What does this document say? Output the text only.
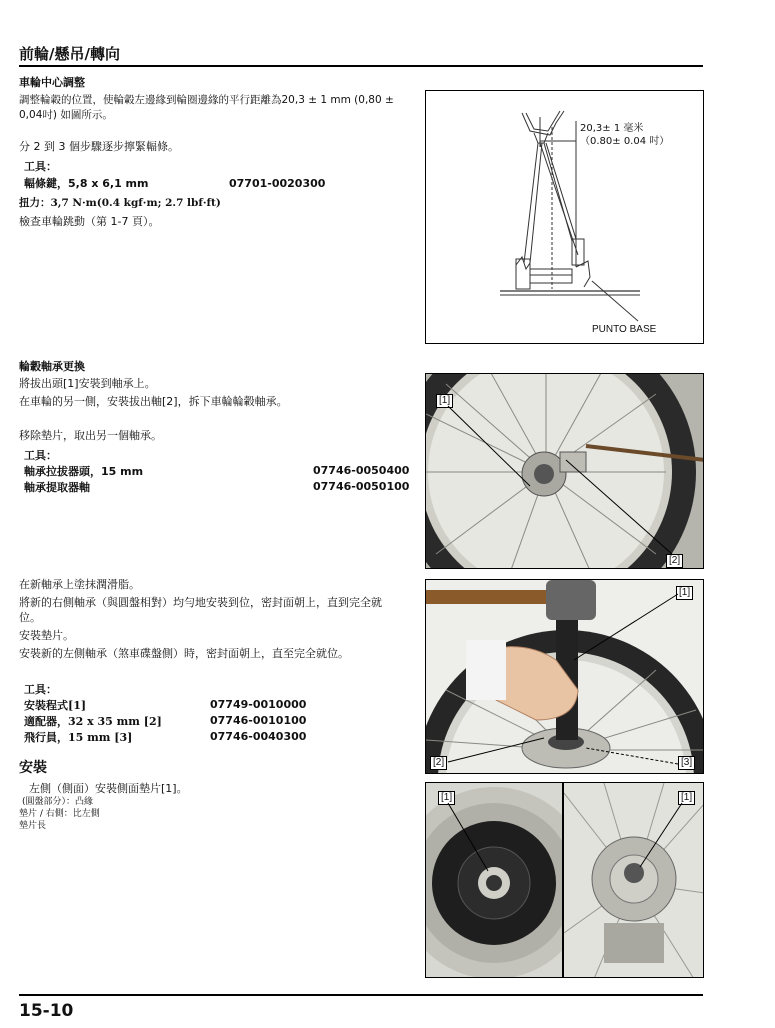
前輪/懸吊/轉向
車輪中心調整
調整輪轂的位置，使輪轂左邊緣到輪圈邊緣的平行距離為20,3 ± 1 mm (0,80 ±
0,04吋) 如圖所示。
分 2 到 3 個步驟逐步擰緊輻條。
工具：
輻條鍵，5,8 x 6,1 mm	07701-0020300
扭力：3,7 N·m(0.4 kgf·m; 2.7 lbf·ft)
檢查車輪跳動（第 1-7 頁）。
20,3± 1 毫米
（0.80± 0.04 吋）
PUNTO BASE
輪轂軸承更換
將拔出頭[1]安裝到軸承上。
在車輪的另一側，安裝拔出軸[2]，拆下車輪輪轂軸承。
移除墊片，取出另一個軸承。
工具：
軸承拉拔器頭，15 mm	07746-0050400
軸承提取器軸	07746-0050100
[1]
[2]
在新軸承上塗抹潤滑脂。
將新的右側軸承（與圓盤相對）均勻地安裝到位，密封面朝上，直到完全就
位。
安裝墊片。
安裝新的左側軸承（煞車碟盤側）時，密封面朝上，直至完全就位。
工具：
安裝程式[1]	07749-0010000
適配器，32 x 35 mm [2]	07746-0010100
飛行員，15 mm [3]	07746-0040300
[1]
[2]	[3]
安裝
左側（側面）安裝側面墊片[1]。
(圓盤部分）：凸緣
墊片 / 右側：比左側
墊片長
[1]	[1]
15-10
